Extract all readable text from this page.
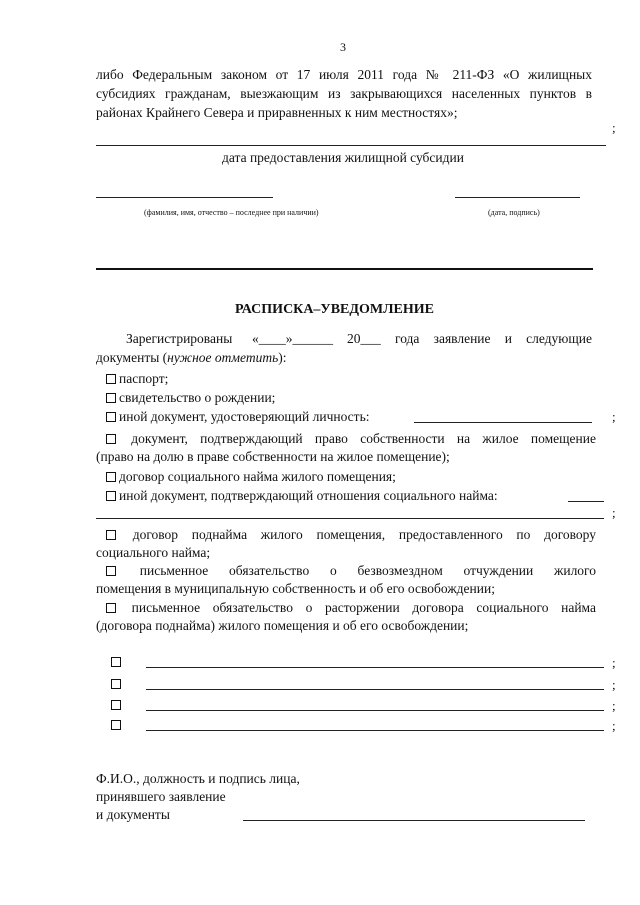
3
либо Федеральным законом от 17 июля 2011 года № 211-ФЗ «О жилищных
субсидиях гражданам, выезжающим из закрывающихся населенных пунктов в
районах Крайнего Севера и приравненных к ним местностях»;
;
дата предоставления жилищной субсидии
(фамилия, имя, отчество – последнее при наличии)	(дата, подпись)
РАСПИСКА–УВЕДОМЛЕНИЕ
Зарегистрированы «____»______ 20___ года заявление и следующие
документы (нужное отметить):
паспорт;
свидетельство о рождении;
иной документ, удостоверяющий личность:	;
документ, подтверждающий право собственности на жилое помещение
(право на долю в праве собственности на жилое помещение);
договор социального найма жилого помещения;
иной документ, подтверждающий отношения социального найма:
;
договор поднайма жилого помещения, предоставленного по договору
социального найма;
письменное обязательство о безвозмездном отчуждении жилого
помещения в муниципальную собственность и об его освобождении;
письменное обязательство о расторжении договора социального найма
(договора поднайма) жилого помещения и об его освобождении;
;
;
;
;
Ф.И.О., должность и подпись лица,
принявшего заявление
и документы
